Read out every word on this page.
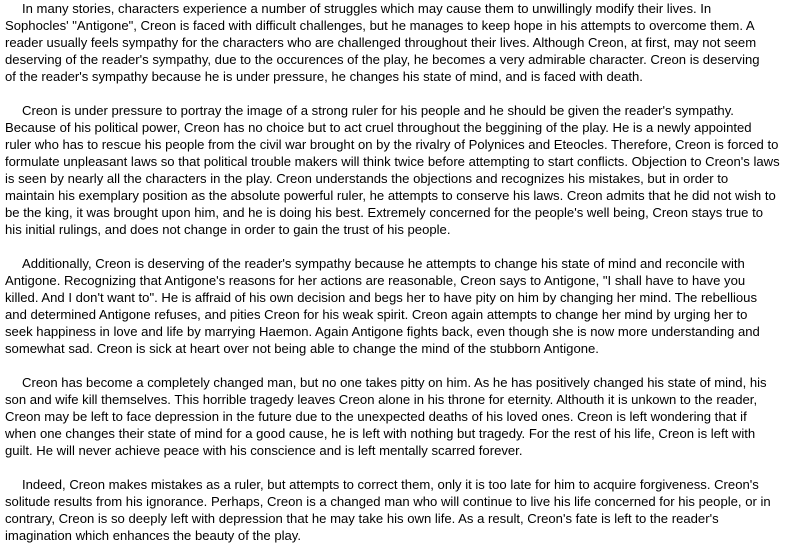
In many stories, characters experience a number of struggles which may cause them to unwillingly modify their lives. In
Sophocles' "Antigone", Creon is faced with difficult challenges, but he manages to keep hope in his attempts to overcome them. A
reader usually feels sympathy for the characters who are challenged throughout their lives. Although Creon, at first, may not seem
deserving of the reader's sympathy, due to the occurences of the play, he becomes a very admirable character. Creon is deserving
of the reader's sympathy because he is under pressure, he changes his state of mind, and is faced with death.

Creon is under pressure to portray the image of a strong ruler for his people and he should be given the reader's sympathy.
Because of his political power, Creon has no choice but to act cruel throughout the beggining of the play. He is a newly appointed
ruler who has to rescue his people from the civil war brought on by the rivalry of Polynices and Eteocles. Therefore, Creon is forced to
formulate unpleasant laws so that political trouble makers will think twice before attempting to start conflicts. Objection to Creon's laws
is seen by nearly all the characters in the play. Creon understands the objections and recognizes his mistakes, but in order to
maintain his exemplary position as the absolute powerful ruler, he attempts to conserve his laws. Creon admits that he did not wish to
be the king, it was brought upon him, and he is doing his best. Extremely concerned for the people's well being, Creon stays true to
his initial rulings, and does not change in order to gain the trust of his people.

Additionally, Creon is deserving of the reader's sympathy because he attempts to change his state of mind and reconcile with
Antigone. Recognizing that Antigone's reasons for her actions are reasonable, Creon says to Antigone, "I shall have to have you
killed. And I don't want to". He is affraid of his own decision and begs her to have pity on him by changing her mind. The rebellious
and determined Antigone refuses, and pities Creon for his weak spirit. Creon again attempts to change her mind by urging her to
seek happiness in love and life by marrying Haemon. Again Antigone fights back, even though she is now more understanding and
somewhat sad. Creon is sick at heart over not being able to change the mind of the stubborn Antigone.

Creon has become a completely changed man, but no one takes pitty on him. As he has positively changed his state of mind, his
son and wife kill themselves. This horrible tragedy leaves Creon alone in his throne for eternity. Althouth it is unkown to the reader,
Creon may be left to face depression in the future due to the unexpected deaths of his loved ones. Creon is left wondering that if
when one changes their state of mind for a good cause, he is left with nothing but tragedy. For the rest of his life, Creon is left with
guilt. He will never achieve peace with his conscience and is left mentally scarred forever.

Indeed, Creon makes mistakes as a ruler, but attempts to correct them, only it is too late for him to acquire forgiveness. Creon's
solitude results from his ignorance. Perhaps, Creon is a changed man who will continue to live his life concerned for his people, or in
contrary, Creon is so deeply left with depression that he may take his own life. As a result, Creon's fate is left to the reader's
imagination which enhances the beauty of the play.
